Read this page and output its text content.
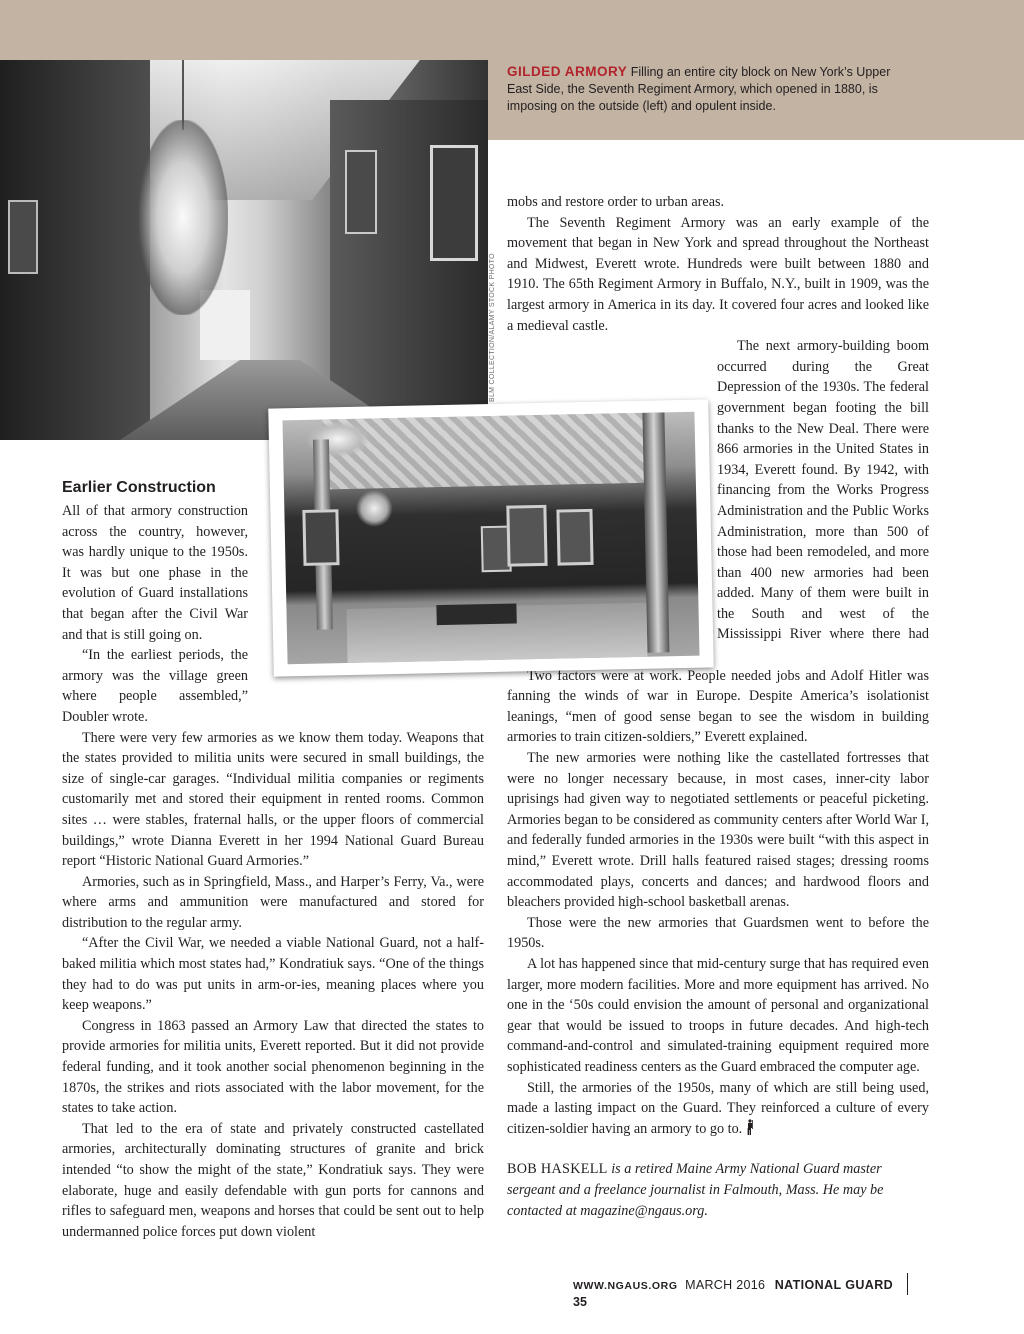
GILDED ARMORY Filling an entire city block on New York’s Upper East Side, the Seventh Regiment Armory, which opened in 1880, is imposing on the outside (left) and opulent inside.
BLM COLLECTION/ALAMY STOCK PHOTO
Earlier Construction

All of that armory construction across the country, however, was hardly unique to the 1950s. It was but one phase in the evolution of Guard installations that began after the Civil War and that is still going on.

“In the earliest periods, the armory was the village green where people assembled,” Doubler wrote.

There were very few armories as we know them today. Weapons that the states provided to militia units were secured in small buildings, the size of single-car garages. “Individual militia companies or regiments customarily met and stored their equipment in rented rooms. Common sites … were stables, fraternal halls, or the upper floors of commercial buildings,” wrote Dianna Everett in her 1994 National Guard Bureau report “Historic National Guard Armories.”

Armories, such as in Springfield, Mass., and Harper’s Ferry, Va., were where arms and ammunition were manufactured and stored for distribution to the regular army.

“After the Civil War, we needed a viable National Guard, not a half-baked militia which most states had,” Kondratiuk says. “One of the things they had to do was put units in arm-or-ies, meaning places where you keep weapons.”

Congress in 1863 passed an Armory Law that directed the states to provide armories for militia units, Everett reported. But it did not provide federal funding, and it took another social phenomenon beginning in the 1870s, the strikes and riots associated with the labor movement, for the states to take action.

That led to the era of state and privately constructed castellated armories, architecturally dominating structures of granite and brick intended “to show the might of the state,” Kondratiuk says. They were elaborate, huge and easily defendable with gun ports for cannons and rifles to safeguard men, weapons and horses that could be sent out to help undermanned police forces put down violent

mobs and restore order to urban areas.

The Seventh Regiment Armory was an early example of the movement that began in New York and spread throughout the Northeast and Midwest, Everett wrote. Hundreds were built between 1880 and 1910. The 65th Regiment Armory in Buffalo, N.Y., built in 1909, was the largest armory in America in its day. It covered four acres and looked like a medieval castle.

The next armory-building boom occurred during the Great Depression of the 1930s. The federal government began footing the bill thanks to the New Deal. There were 866 armories in the United States in 1934, Everett found. By 1942, with financing from the Works Progress Administration and the Public Works Administration, more than 500 of those had been remodeled, and more than 400 new armories had been added. Many of them were built in the South and west of the Mississippi River where there had

Two factors were at work. People needed jobs and Adolf Hitler was fanning the winds of war in Europe. Despite America’s isolationist leanings, “men of good sense began to see the wisdom in building armories to train citizen-soldiers,” Everett explained.

The new armories were nothing like the castellated fortresses that were no longer necessary because, in most cases, inner-city labor uprisings had given way to negotiated settlements or peaceful picketing. Armories began to be considered as community centers after World War I, and federally funded armories in the 1930s were built “with this aspect in mind,” Everett wrote. Drill halls featured raised stages; dressing rooms accommodated plays, concerts and dances; and hardwood floors and bleachers provided high-school basketball arenas.

Those were the new armories that Guardsmen went to before the 1950s.

A lot has happened since that mid-century surge that has required even larger, more modern facilities. More and more equipment has arrived. No one in the ‘50s could envision the amount of personal and organizational gear that would be issued to troops in future decades. And high-tech command-and-control and simulated-training equipment required more sophisticated readiness centers as the Guard embraced the computer age.

Still, the armories of the 1950s, many of which are still being used, made a lasting impact on the Guard. They reinforced a culture of every citizen-soldier having an armory to go to.

BOB HASKELL is a retired Maine Army National Guard master sergeant and a freelance journalist in Falmouth, Mass. He may be contacted at magazine@ngaus.org.

WWW.NGAUS.ORG MARCH 2016 NATIONAL GUARD  35
